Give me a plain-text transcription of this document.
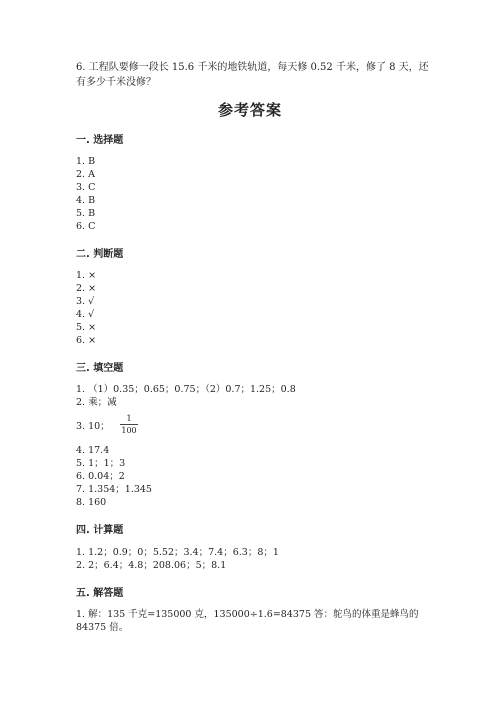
6. 工程队要修一段长 15.6 千米的地铁轨道，每天修 0.52 千米，修了 8 天，还
有多少千米没修？
参考答案
一. 选择题
1. B
2. A
3. C
4. B
5. B
6. C
二. 判断题
1. ×
2. ×
3. √
4. √
5. ×
6. ×
三. 填空题
1. （1）0.35；0.65；0.75；（2）0.7；1.25；0.8
2. 乘；减
3. 10； $\frac{1}{100}$
4. 17.4
5. 1；1；3
6. 0.04；2
7. 1.354；1.345
8. 160
四. 计算题
1. 1.2；0.9；0；5.52；3.4；7.4；6.3；8；1
2. 2；6.4；4.8；208.06；5；8.1
五. 解答题
1. 解：135 千克=135000 克，135000÷1.6=84375 答：鸵鸟的体重是蜂鸟的
84375 倍。
